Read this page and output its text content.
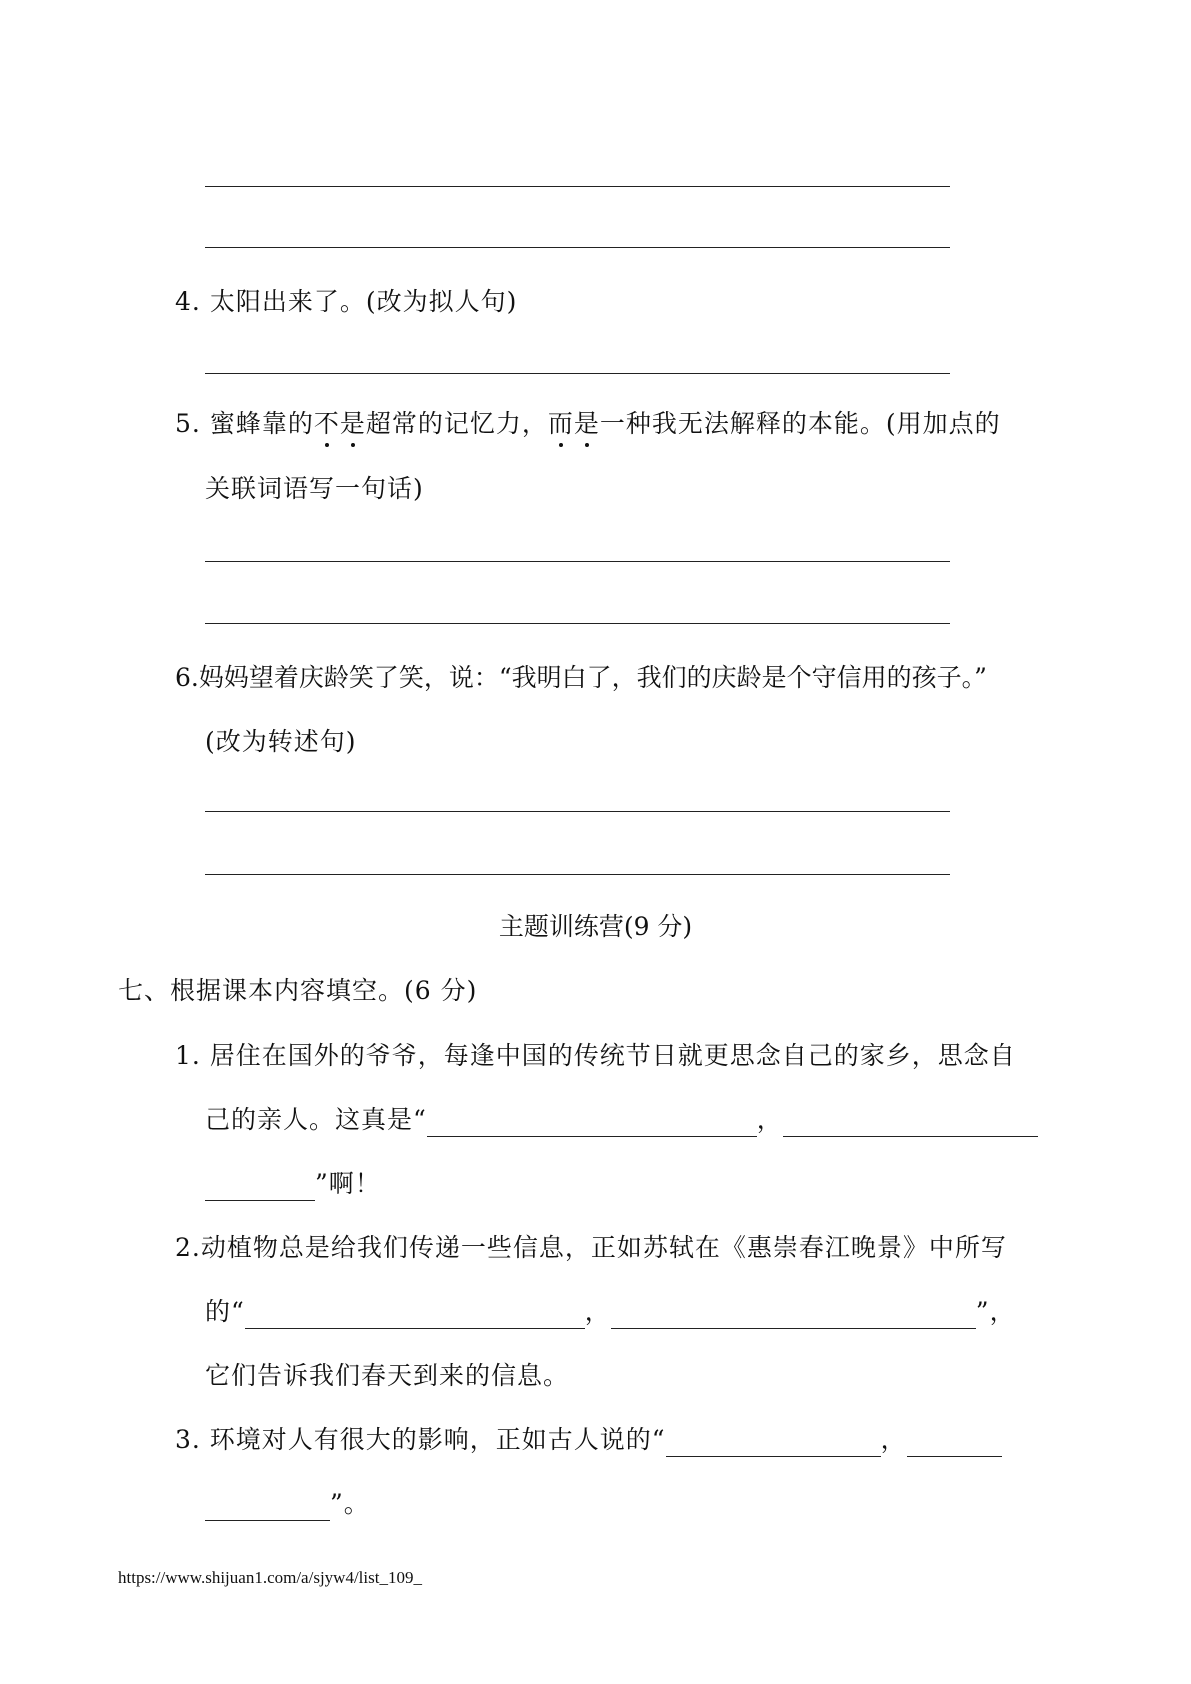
4. 太阳出来了。(改为拟人句)
5. 蜜蜂靠的不是超常的记忆力，而是一种我无法解释的本能。(用加点的
关联词语写一句话)
6.妈妈望着庆龄笑了笑，说：“我明白了，我们的庆龄是个守信用的孩子。”
(改为转述句)
主题训练营(9 分)
七、根据课本内容填空。(6 分)
1. 居住在国外的爷爷，每逢中国的传统节日就更思念自己的家乡，思念自
己的亲人。这真是“	，
”啊！
2.动植物总是给我们传递一些信息，正如苏轼在《惠崇春江晚景》中所写
的“	，	”，
它们告诉我们春天到来的信息。
3. 环境对人有很大的影响，正如古人说的“	，
”。
https://www.shijuan1.com/a/sjyw4/list_109_
